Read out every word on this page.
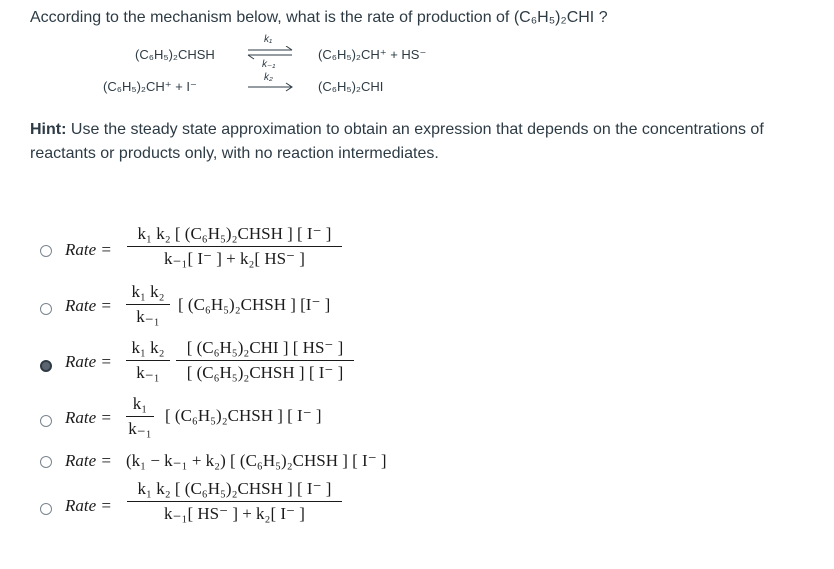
According to the mechanism below, what is the rate of production of (C₆H₅)₂CHI ?
(C₆H₅)₂CHSH
k₁
k₋₁
(C₆H₅)₂CH⁺ + HS⁻
(C₆H₅)₂CH⁺ + I⁻
k₂
(C₆H₅)₂CHI
Hint: Use the steady state approximation to obtain an expression that depends on the concentrations of reactants or products only, with no reaction intermediates.
Rate =
k₁ k₂ [ (C₆H₅)₂CHSH ] [ I⁻ ]
k₋₁[ I⁻ ] + k₂[ HS⁻ ]
Rate =
k₁ k₂
k₋₁
[ (C₆H₅)₂CHSH ] [I⁻ ]
Rate =
k₁ k₂
k₋₁
[ (C₆H₅)₂CHI ] [ HS⁻ ]
[ (C₆H₅)₂CHSH ] [ I⁻ ]
Rate =
k₁
k₋₁
[ (C₆H₅)₂CHSH ] [ I⁻ ]
Rate = (k₁ − k₋₁ + k₂) [ (C₆H₅)₂CHSH ] [ I⁻ ]
Rate =
k₁ k₂ [ (C₆H₅)₂CHSH ] [ I⁻ ]
k₋₁[ HS⁻ ] + k₂[ I⁻ ]
